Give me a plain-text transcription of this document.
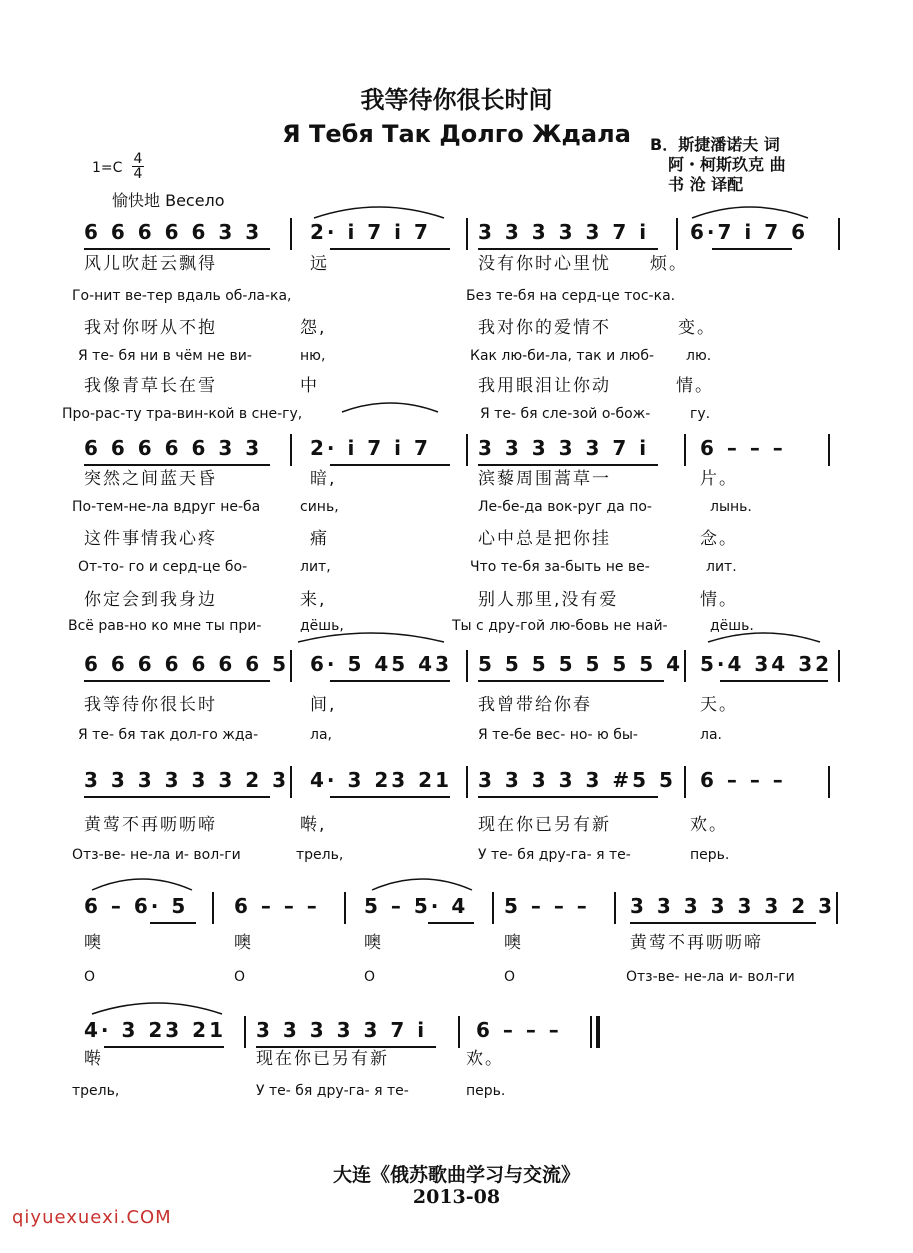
我等待你很长时间
Я Тебя Так Долго Ждала	B．斯捷潘诺夫 词
阿・柯斯玖克 曲
书 沧 译配
1=C
4
4
愉快地 Весело
6 6 6 6 6 3 3 2· i 7 i 7 3 3 3 3 3 7 i 6·7 i 7 6
风儿吹赶云飘得	远	没有你时心里忧 烦。
Го-нит ве-тер вдаль об-ла-ка,	Без те-бя на серд-це тос-ка.
我对你呀从不抱	怨,	我对你的爱情不	变。
Я те- бя ни в чём не ви-	ню,	Как лю-би-ла, так и люб- лю.
我像青草长在雪	中	我用眼泪让你动	情。
Про-рас-ту тра-вин-кой в сне-гу,	Я те- бя сле-зой о-бож-	гу.
6 6 6 6 6 3 3 2· i 7 i 7 3 3 3 3 3 7 i	6 – – –
突然之间蓝天昏	暗,	滨藜周围蒿草一	片。
По-тем-не-ла вдруг не-ба	синь,	Ле-бе-да вок-руг да по-	лынь.
这件事情我心疼	痛	心中总是把你挂	念。
От-то- го и серд-це бо-	лит,	Что те-бя за-быть не ве-	лит.
你定会到我身边	来,	别人那里,没有爱	情。
Всё рав-но ко мне ты при-	дёшь,	Ты с дру-гой лю-бовь не най-	дёшь.
6 6 6 6 6 6 6 5 6· 5 45 43 5 5 5 5 5 5 5 4 5·4 34 32
我等待你很长时	间,	我曾带给你春	天。
Я те- бя так дол-го жда-	ла,	Я те-бе вес- но- ю бы-	ла.
3 3 3 3 3 3 2 3 4· 3 23 21 3 3 3 3 3 #5 5 6 – – –
黄莺不再呖呖啼	啭,	现在你已另有新	欢。
Отз-ве- не-ла и- вол-ги	трель,	У те- бя дру-га- я те-	перь.
6 – 6· 5 6 – – – 5 – 5· 4 5 – – – 3 3 3 3 3 3 2 3
噢	噢	噢	噢	黄莺不再呖呖啼
О	О	О	О	Отз-ве- не-ла и- вол-ги
4· 3 23 21 3 3 3 3 3 7 i 6 – – –
啭	现在你已另有新	欢。
трель,	У те- бя дру-га- я те-	перь.
大连《俄苏歌曲学习与交流》
2013-08
qiyuexuexi.COM
